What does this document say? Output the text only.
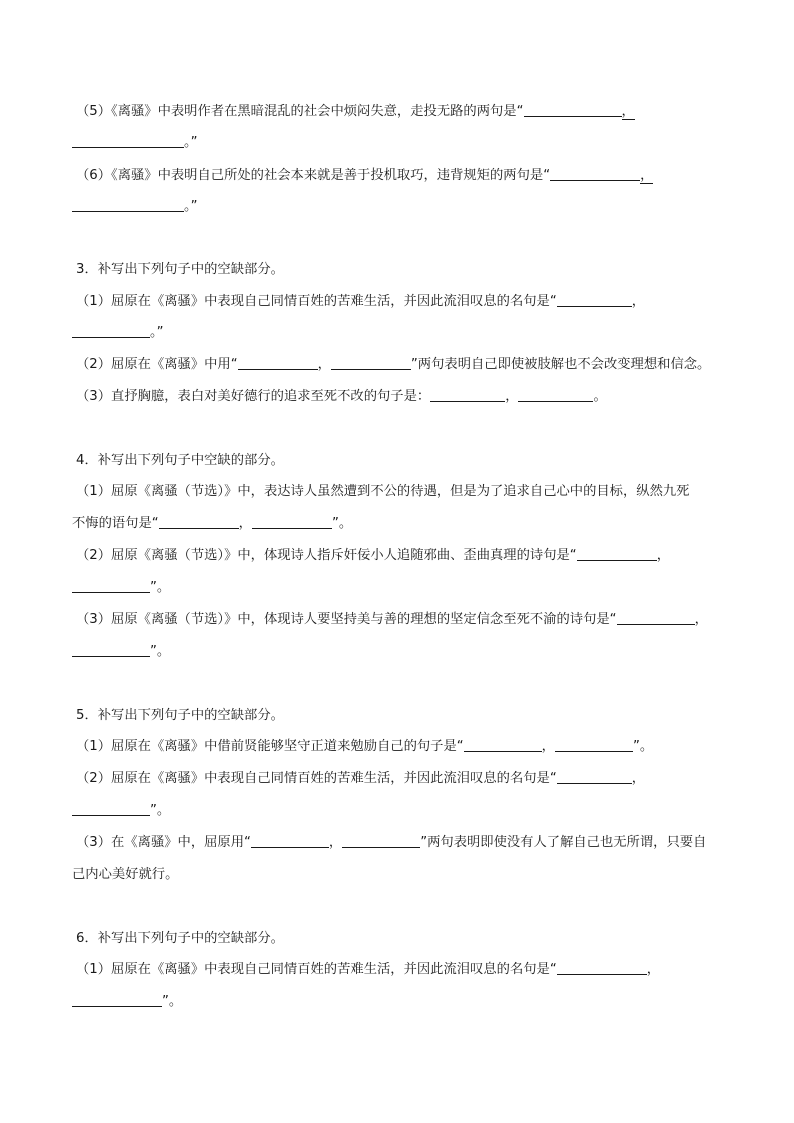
（5）《离骚》中表明作者在黑暗混乱的社会中烦闷失意，走投无路的两句是“	，
。”
（6）《离骚》中表明自己所处的社会本来就是善于投机取巧，违背规矩的两句是“	，
。”
3．补写出下列句子中的空缺部分。
（1）屈原在《离骚》中表现自己同情百姓的苦难生活，并因此流泪叹息的名句是“	，
。”
（2）屈原在《离骚》中用“	，	”两句表明自己即使被肢解也不会改变理想和信念。
（3）直抒胸臆，表白对美好德行的追求至死不改的句子是：	，	。
4．补写出下列句子中空缺的部分。
（1）屈原《离骚（节选）》中，表达诗人虽然遭到不公的待遇，但是为了追求自己心中的目标，纵然九死
不悔的语句是“	，	”。
（2）屈原《离骚（节选）》中，体现诗人指斥奸佞小人追随邪曲、歪曲真理的诗句是“	，
”。
（3）屈原《离骚（节选）》中，体现诗人要坚持美与善的理想的坚定信念至死不渝的诗句是“	，
”。
5．补写出下列句子中的空缺部分。
（1）屈原在《离骚》中借前贤能够坚守正道来勉励自己的句子是“	，	”。
（2）屈原在《离骚》中表现自己同情百姓的苦难生活，并因此流泪叹息的名句是“	，
”。
（3）在《离骚》中，屈原用“	，	”两句表明即使没有人了解自己也无所谓，只要自
己内心美好就行。
6．补写出下列句子中的空缺部分。
（1）屈原在《离骚》中表现自己同情百姓的苦难生活，并因此流泪叹息的名句是“	，
”。
